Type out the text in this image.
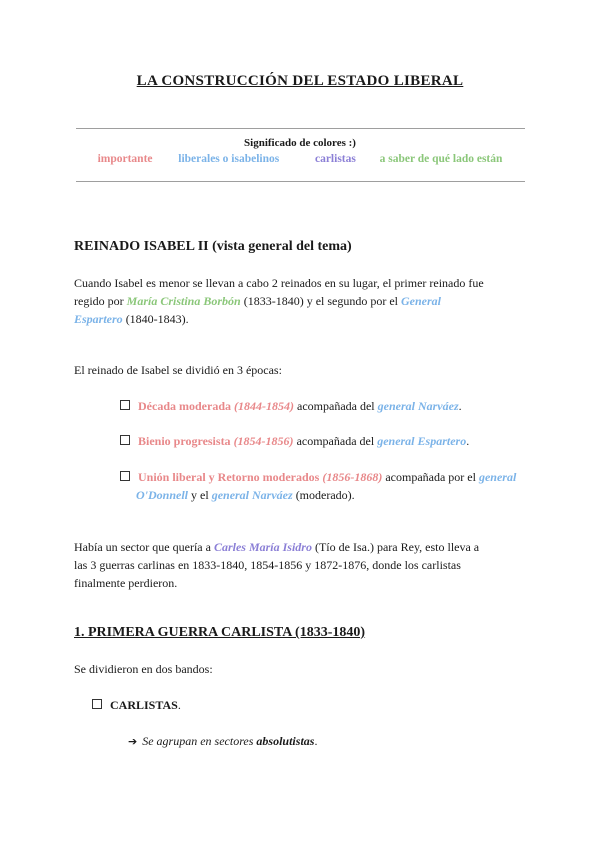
LA CONSTRUCCIÓN DEL ESTADO LIBERAL
Significado de colores :)
importante liberales o isabelinos	carlistas a saber de qué lado están
REINADO ISABEL II (vista general del tema)
Cuando Isabel es menor se llevan a cabo 2 reinados en su lugar, el primer reinado fue
regido por María Cristina Borbón (1833-1840) y el segundo por el General
Espartero (1840-1843).
El reinado de Isabel se dividió en 3 épocas:
Década moderada (1844-1854) acompañada del general Narváez.
Bienio progresista (1854-1856) acompañada del general Espartero.
Unión liberal y Retorno moderados (1856-1868) acompañada por el general
O'Donnell y el general Narváez (moderado).
Había un sector que quería a Carles María Isidro (Tío de Isa.) para Rey, esto lleva a
las 3 guerras carlinas en 1833-1840, 1854-1856 y 1872-1876, donde los carlistas
finalmente perdieron.
1. PRIMERA GUERRA CARLISTA (1833-1840)
Se dividieron en dos bandos:
CARLISTAS.
➔ Se agrupan en sectores absolutistas.
